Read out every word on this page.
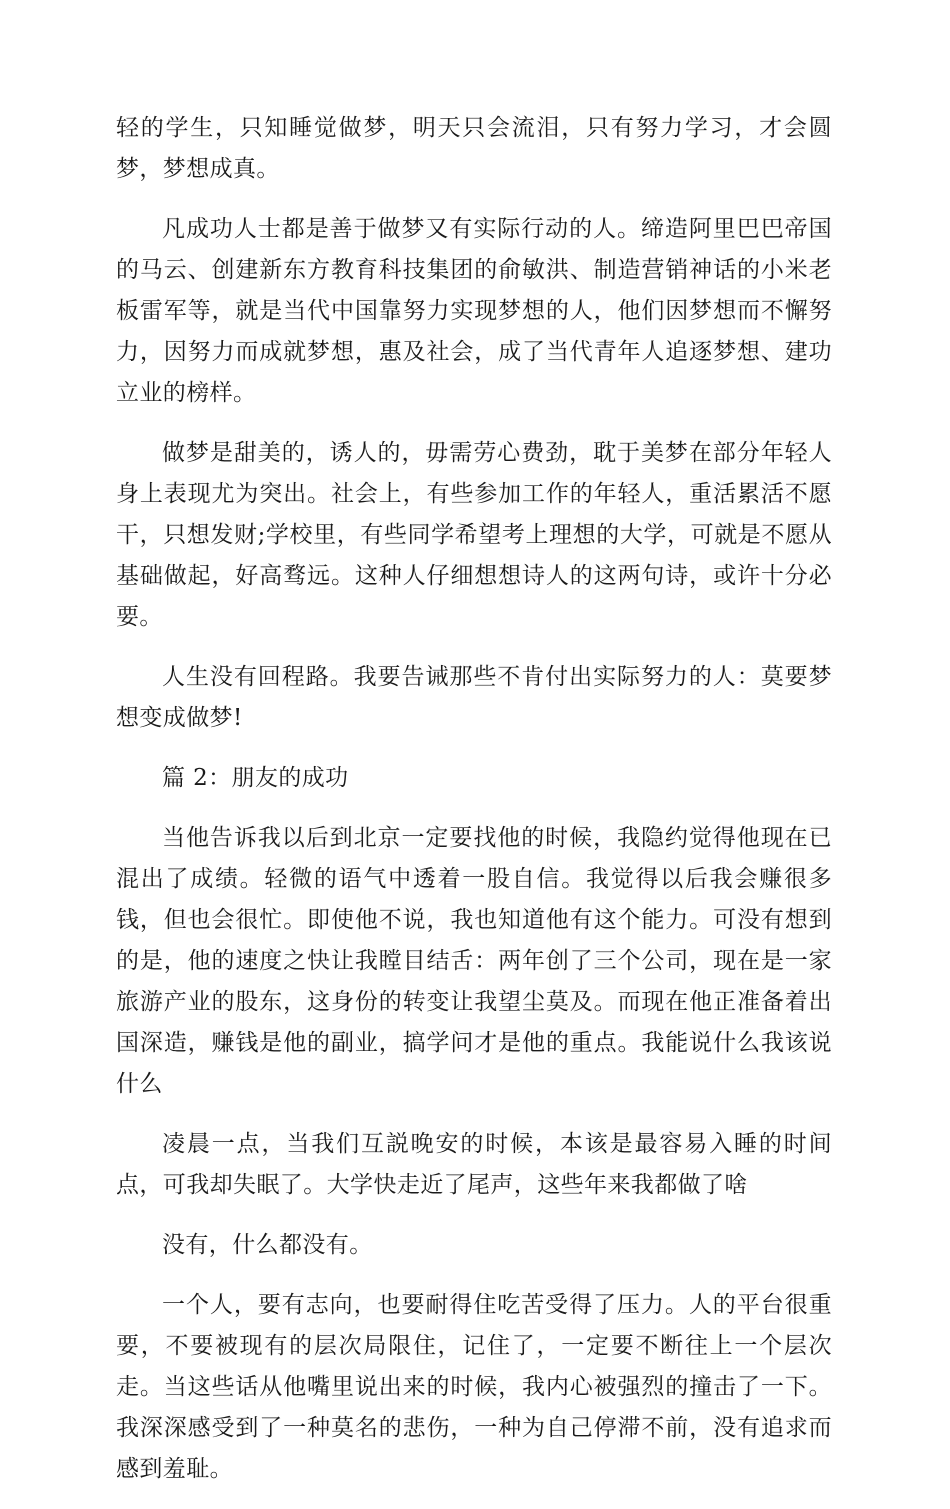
轻的学生，只知睡觉做梦，明天只会流泪，只有努力学习，才会圆梦，梦想成真。

凡成功人士都是善于做梦又有实际行动的人。缔造阿里巴巴帝国的马云、创建新东方教育科技集团的俞敏洪、制造营销神话的小米老板雷军等，就是当代中国靠努力实现梦想的人，他们因梦想而不懈努力，因努力而成就梦想，惠及社会，成了当代青年人追逐梦想、建功立业的榜样。

做梦是甜美的，诱人的，毋需劳心费劲，耽于美梦在部分年轻人身上表现尤为突出。社会上，有些参加工作的年轻人，重活累活不愿干，只想发财;学校里，有些同学希望考上理想的大学，可就是不愿从基础做起，好高骛远。这种人仔细想想诗人的这两句诗，或许十分必要。

人生没有回程路。我要告诫那些不肯付出实际努力的人：莫要梦想变成做梦!

篇 2：朋友的成功

当他告诉我以后到北京一定要找他的时候，我隐约觉得他现在已混出了成绩。轻微的语气中透着一股自信。我觉得以后我会赚很多钱，但也会很忙。即使他不说，我也知道他有这个能力。可没有想到的是，他的速度之快让我瞠目结舌：两年创了三个公司，现在是一家旅游产业的股东，这身份的转变让我望尘莫及。而现在他正准备着出国深造，赚钱是他的副业，搞学问才是他的重点。我能说什么我该说什么

凌晨一点，当我们互説晚安的时候，本该是最容易入睡的时间点，可我却失眠了。大学快走近了尾声，这些年来我都做了啥

没有，什么都没有。

一个人，要有志向，也要耐得住吃苦受得了压力。人的平台很重要，不要被现有的层次局限住，记住了，一定要不断往上一个层次走。当这些话从他嘴里说出来的时候，我内心被强烈的撞击了一下。我深深感受到了一种莫名的悲伤，一种为自己停滞不前，没有追求而感到羞耻。
